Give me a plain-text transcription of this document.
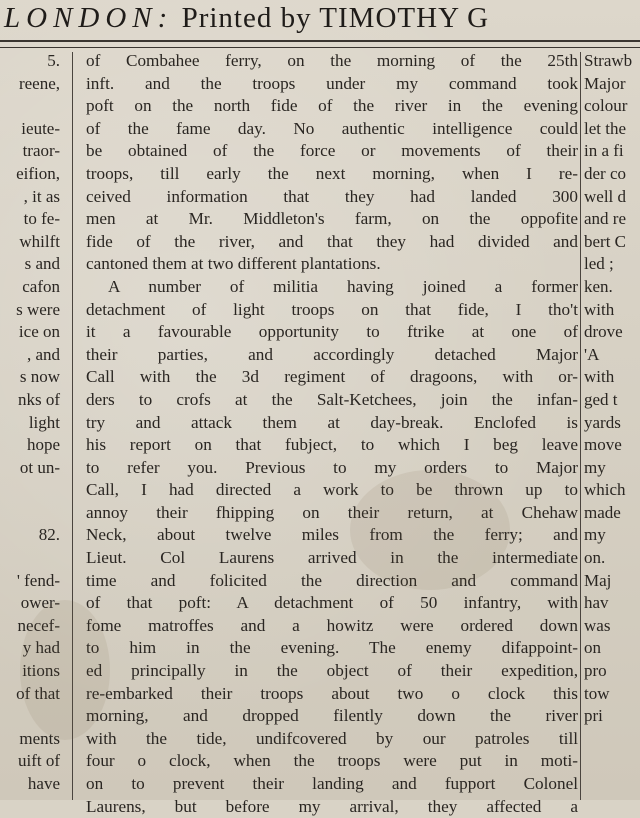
LONDON: Printed by TIMOTHY G
5.
reene,

ieute-
traor-
eifion,
, it as
to fe-
whilft
s and
cafon
s were
ice on
, and
s now
nks of
light
hope
ot un-

82.

' fend-
ower-
necef-
y had
itions
of that

ments
uift of
have
of Combahee ferry, on the morning of the 25th
inft. and the troops under my command took
poft on the north fide of the river in the evening
of the fame day. No authentic intelligence could
be obtained of the force or movements of their
troops, till early the next morning, when I re-
ceived information that they had landed 300
men at Mr. Middleton's farm, on the oppofite
fide of the river, and that they had divided and
cantoned them at two different plantations.
A number of militia having joined a former
detachment of light troops on that fide, I tho't
it a favourable opportunity to ftrike at one of
their parties, and accordingly detached Major
Call with the 3d regiment of dragoons, with or-
ders to crofs at the Salt-Ketchees, join the infan-
try and attack them at day-break. Enclofed is
his report on that fubject, to which I beg leave
to refer you. Previous to my orders to Major
Call, I had directed a work to be thrown up to
annoy their fhipping on their return, at Chehaw
Neck, about twelve miles from the ferry; and
Lieut. Col Laurens arrived in the intermediate
time and folicited the direction and command
of that poft: A detachment of 50 infantry, with
fome matroffes and a howitz were ordered down
to him in the evening. The enemy difappoint-
ed principally in the object of their expedition,
re-embarked their troops about two o clock this
morning, and dropped filently down the river
with the tide, undifcovered by our patroles till
four o clock, when the troops were put in moti-
on to prevent their landing and fupport Colonel
Laurens, but before my arrival, they affected a
Strawb
Major
colour
let the
in a fi
der co
well d
and re
bert C
led ;
ken.
with
drove
'A
with
ged t
yards
move
my
which
made
my
on.
Maj
hav
was
on
pro
tow
pri
